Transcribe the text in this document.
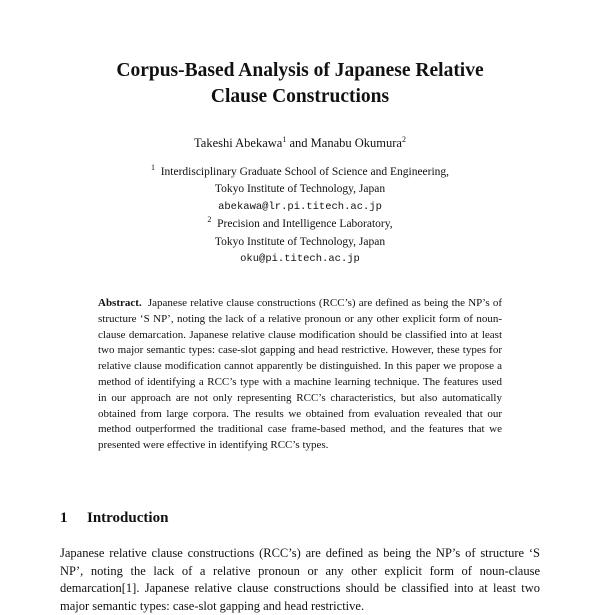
Corpus-Based Analysis of Japanese Relative
Clause Constructions
Takeshi Abekawa$^1$ and Manabu Okumura$^2$
$^1$ Interdisciplinary Graduate School of Science and Engineering,
Tokyo Institute of Technology, Japan
abekawa@lr.pi.titech.ac.jp
$^2$ Precision and Intelligence Laboratory,
Tokyo Institute of Technology, Japan
oku@pi.titech.ac.jp
Abstract. Japanese relative clause constructions (RCC’s) are defined as being the NP’s of structure ‘S NP’, noting the lack of a relative pronoun or any other explicit form of noun-clause demarcation. Japanese relative clause modification should be classified into at least two major semantic types: case-slot gapping and head restrictive. However, these types for relative clause modification cannot apparently be distinguished. In this paper we propose a method of identifying a RCC’s type with a machine learning technique. The features used in our approach are not only representing RCC’s characteristics, but also automatically obtained from large corpora. The results we obtained from evaluation revealed that our method outperformed the traditional case frame-based method, and the features that we presented were effective in identifying RCC’s types.
1 Introduction
Japanese relative clause constructions (RCC’s) are defined as being the NP’s of structure ‘S NP’, noting the lack of a relative pronoun or any other explicit form of noun-clause demarcation[1]. Japanese relative clause constructions should be classified into at least two major semantic types: case-slot gapping and head restrictive.
